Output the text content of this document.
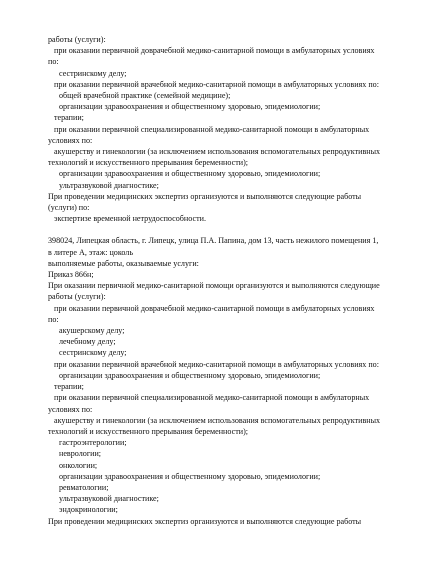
работы (услуги):
при оказании первичной доврачебной медико-санитарной помощи в амбулаторных условиях
по:
сестринскому делу;
при оказании первичной врачебной медико-санитарной помощи в амбулаторных условиях по:
общей врачебной практике (семейной медицине);
организации здравоохранения и общественному здоровью, эпидемиологии;
терапии;
при оказании первичной специализированной медико-санитарной помощи в амбулаторных
условиях по:
акушерству и гинекологии (за исключением использования вспомогательных репродуктивных
технологий и искусственного прерывания беременности);
организации здравоохранения и общественному здоровью, эпидемиологии;
ультразвуковой диагностике;
При проведении медицинских экспертиз организуются и выполняются следующие работы
(услуги) по:
экспертизе временной нетрудоспособности.
398024, Липецкая область, г. Липецк, улица П.А. Папина, дом 13, часть нежилого помещения 1,
в литере А, этаж: цоколь
выполняемые работы, оказываемые услуги:
Приказ 866н;
При оказании первичной медико-санитарной помощи организуются и выполняются следующие
работы (услуги):
при оказании первичной доврачебной медико-санитарной помощи в амбулаторных условиях
по:
акушерскому делу;
лечебному делу;
сестринскому делу;
при оказании первичной врачебной медико-санитарной помощи в амбулаторных условиях по:
организации здравоохранения и общественному здоровью, эпидемиологии;
терапии;
при оказании первичной специализированной медико-санитарной помощи в амбулаторных
условиях по:
акушерству и гинекологии (за исключением использования вспомогательных репродуктивных
технологий и искусственного прерывания беременности);
гастроэнтерологии;
неврологии;
онкологии;
организации здравоохранения и общественному здоровью, эпидемиологии;
ревматологии;
ультразвуковой диагностике;
эндокринологии;
При проведении медицинских экспертиз организуются и выполняются следующие работы
